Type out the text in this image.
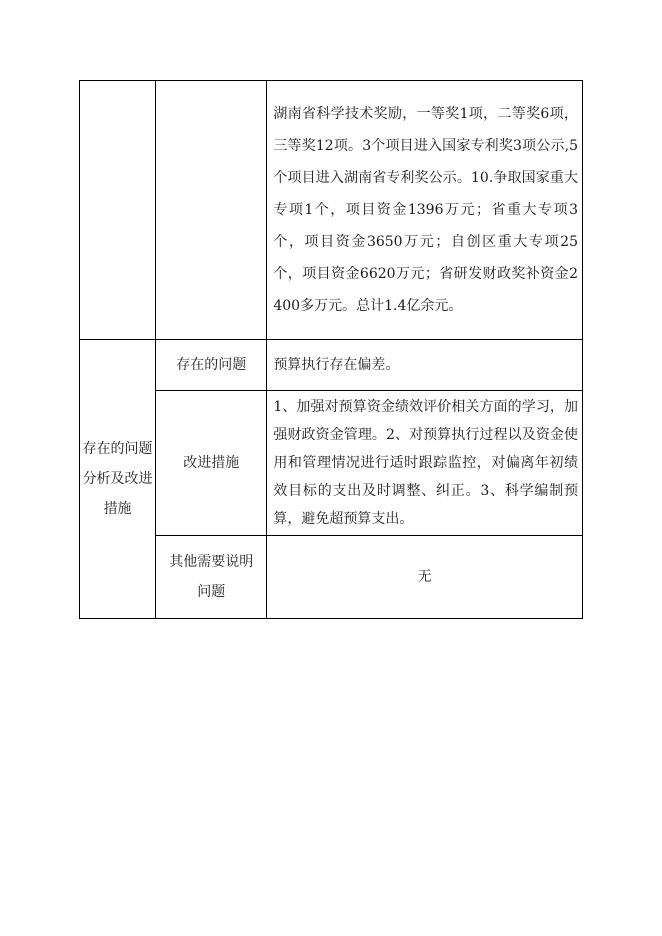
		湖南省科学技术奖励，一等奖1项，二等奖6项，三等奖12项。3个项目进入国家专利奖3项公示,5个项目进入湖南省专利奖公示。10.争取国家重大专项1个，项目资金1396万元；省重大专项3个，项目资金3650万元；自创区重大专项25个，项目资金6620万元；省研发财政奖补资金2400多万元。总计1.4亿余元。

存在的问题分析及改进措施	存在的问题	预算执行存在偏差。

	改进措施	1、加强对预算资金绩效评价相关方面的学习，加强财政资金管理。2、对预算执行过程以及资金使用和管理情况进行适时跟踪监控，对偏离年初绩效目标的支出及时调整、纠正。3、科学编制预算，避免超预算支出。

	其他需要说明问题	无
